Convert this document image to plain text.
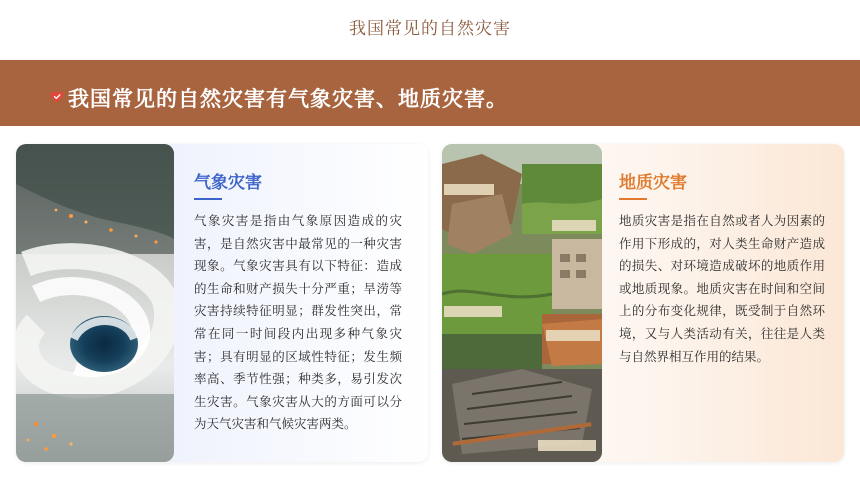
我国常见的自然灾害
我国常见的自然灾害有气象灾害、地质灾害。
气象灾害
气象灾害是指由气象原因造成的灾害，是自然灾害中最常见的一种灾害现象。气象灾害具有以下特征：造成的生命和财产损失十分严重；旱涝等灾害持续特征明显；群发性突出，常常在同一时间段内出现多种气象灾害；具有明显的区域性特征；发生频率高、季节性强；种类多，易引发次生灾害。气象灾害从大的方面可以分为天气灾害和气候灾害两类。
地质灾害
地质灾害是指在自然或者人为因素的作用下形成的，对人类生命财产造成的损失、对环境造成破坏的地质作用或地质现象。地质灾害在时间和空间上的分布变化规律，既受制于自然环境，又与人类活动有关，往往是人类与自然界相互作用的结果。
